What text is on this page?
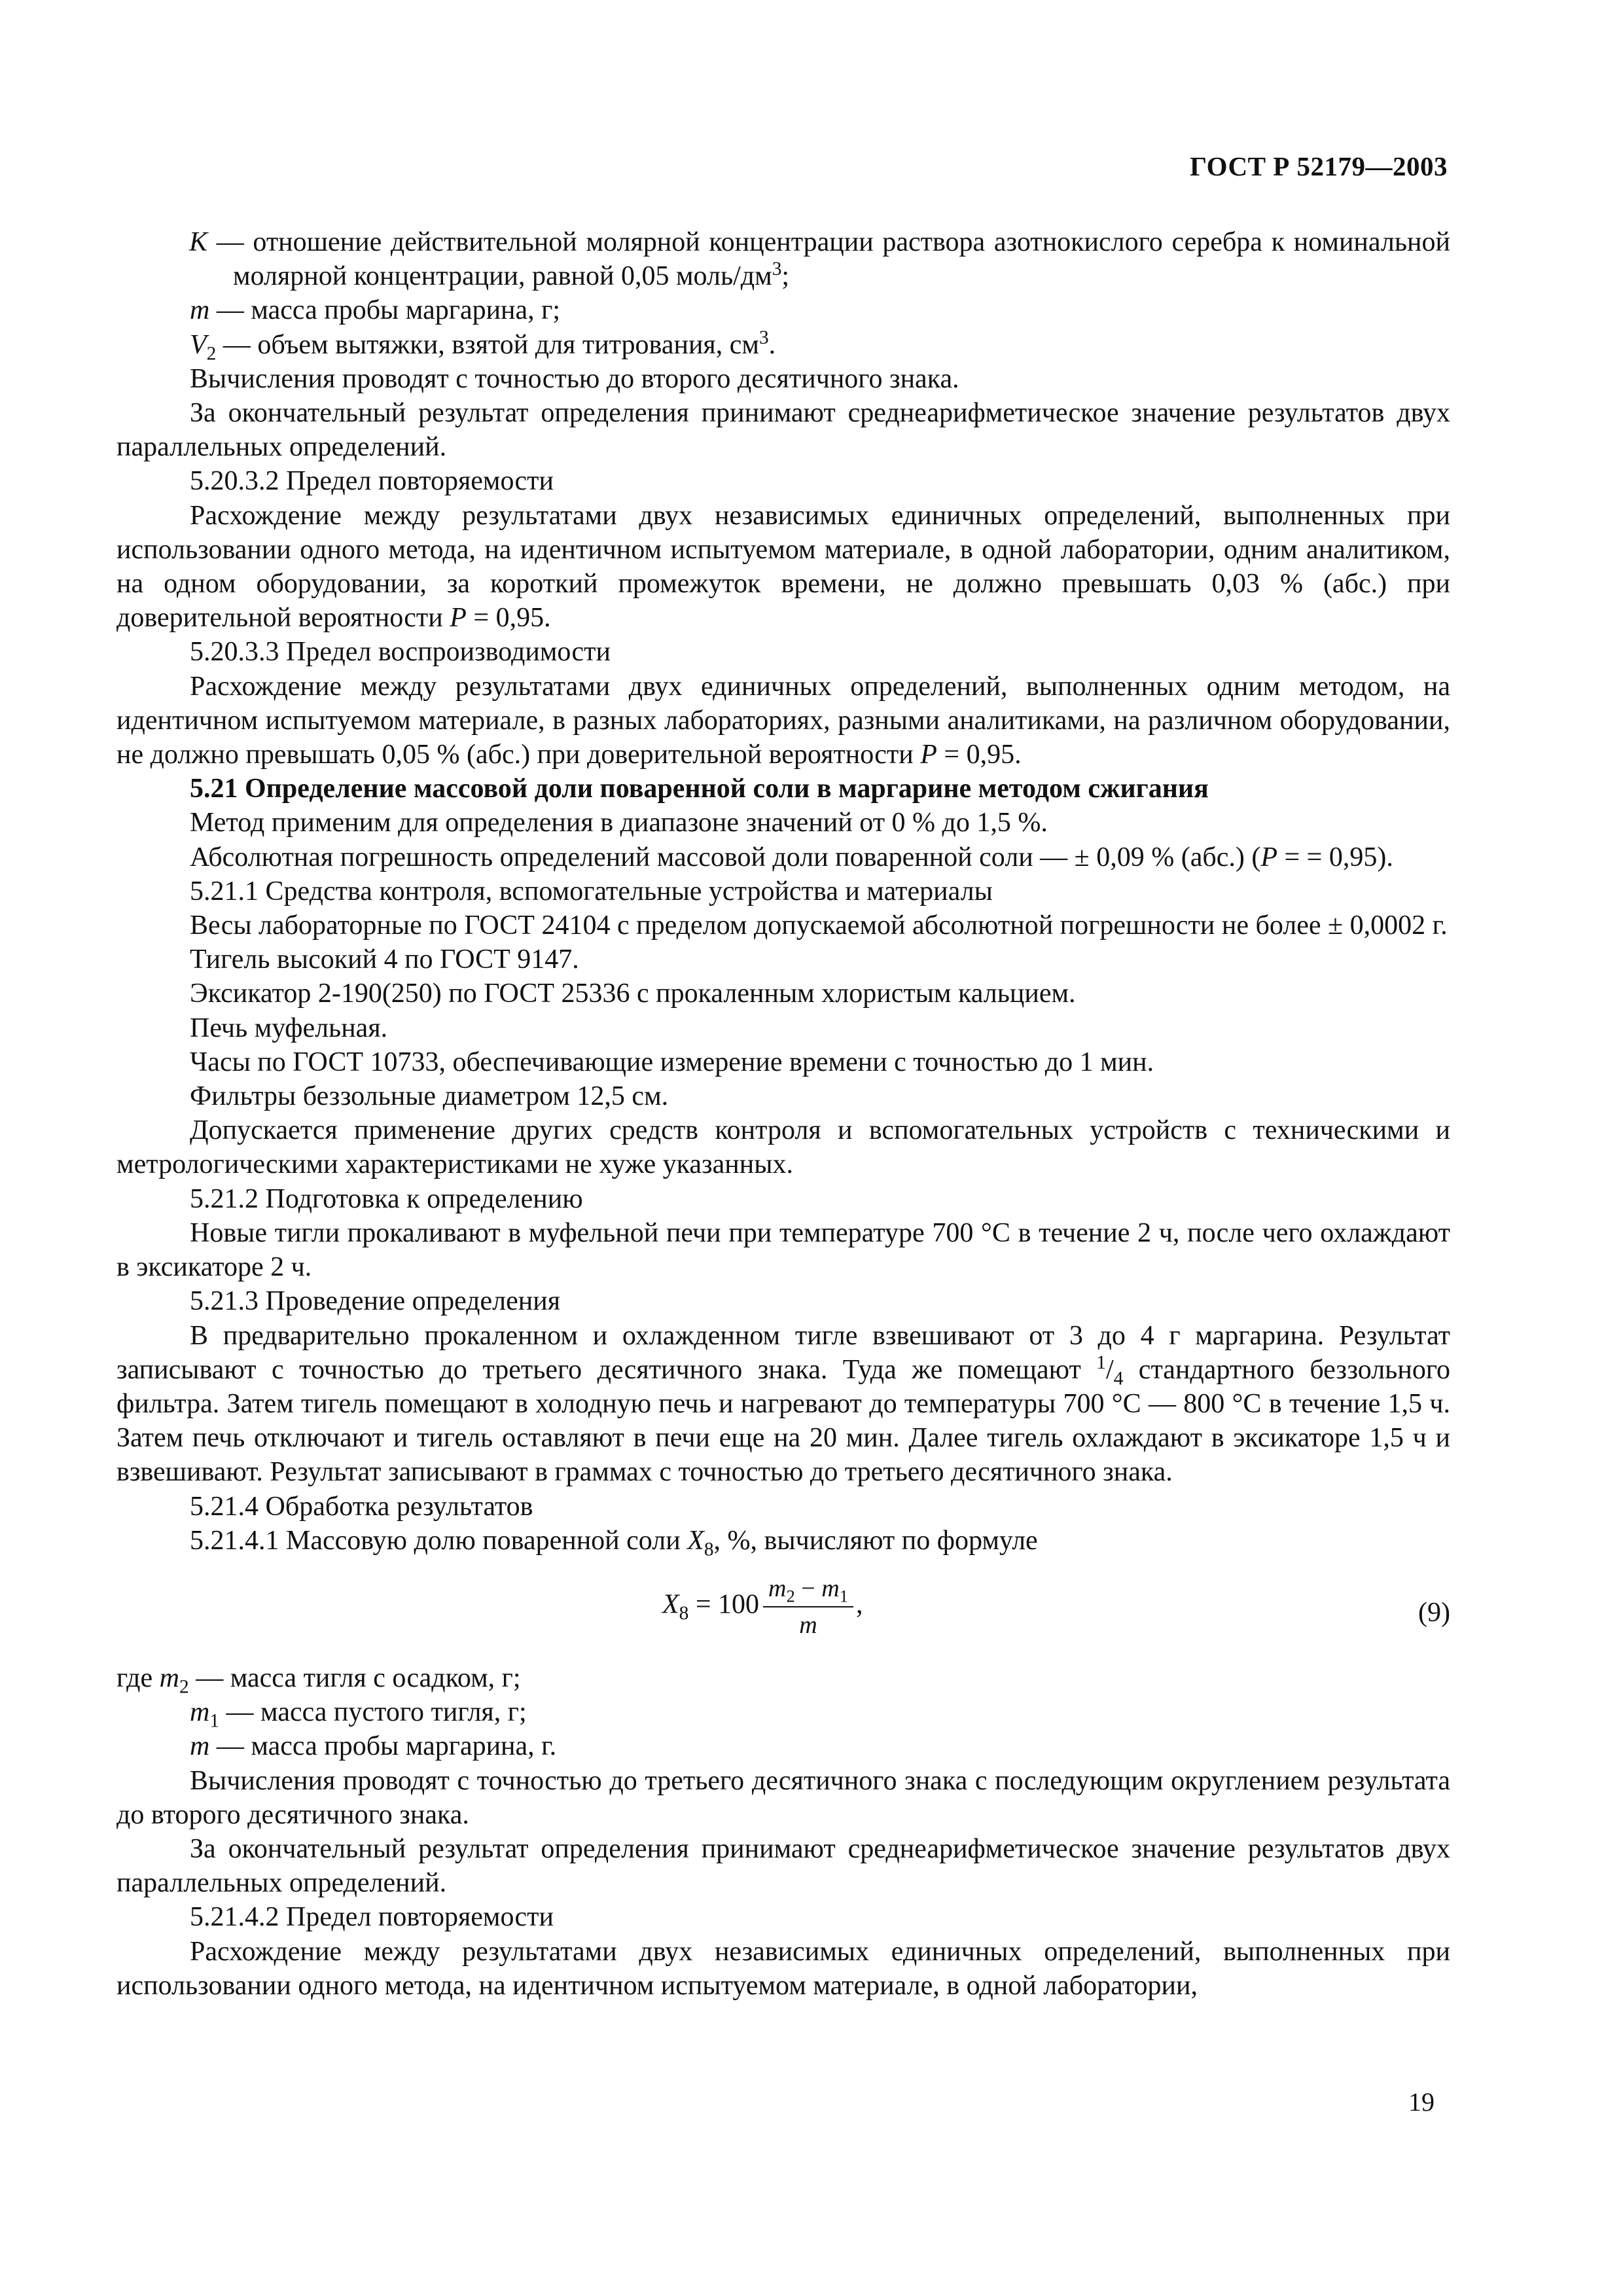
ГОСТ Р 52179—2003

K — отношение действительной молярной концентрации раствора азотнокислого серебра к номинальной молярной концентрации, равной 0,05 моль/$дм^3$;

m — масса пробы маргарина, г;

$V_2$ — объем вытяжки, взятой для титрования, $см^3$.

Вычисления проводят с точностью до второго десятичного знака.

За окончательный результат определения принимают среднеарифметическое значение результатов двух параллельных определений.

5.20.3.2 Предел повторяемости

Расхождение между результатами двух независимых единичных определений, выполненных при использовании одного метода, на идентичном испытуемом материале, в одной лаборатории, одним аналитиком, на одном оборудовании, за короткий промежуток времени, не должно превышать 0,03 % (абс.) при доверительной вероятности P = 0,95.

5.20.3.3 Предел воспроизводимости

Расхождение между результатами двух единичных определений, выполненных одним методом, на идентичном испытуемом материале, в разных лабораториях, разными аналитиками, на различном оборудовании, не должно превышать 0,05 % (абс.) при доверительной вероятности P = 0,95.

5.21 Определение массовой доли поваренной соли в маргарине методом сжигания

Метод применим для определения в диапазоне значений от 0 % до 1,5 %.

Абсолютная погрешность определений массовой доли поваренной соли — ± 0,09 % (абс.) (P = = 0,95).

5.21.1 Средства контроля, вспомогательные устройства и материалы

Весы лабораторные по ГОСТ 24104 с пределом допускаемой абсолютной погрешности не более ± 0,0002 г.

Тигель высокий 4 по ГОСТ 9147.

Эксикатор 2-190(250) по ГОСТ 25336 с прокаленным хлористым кальцием.

Печь муфельная.

Часы по ГОСТ 10733, обеспечивающие измерение времени с точностью до 1 мин.

Фильтры беззольные диаметром 12,5 см.

Допускается применение других средств контроля и вспомогательных устройств с техническими и метрологическими характеристиками не хуже указанных.

5.21.2 Подготовка к определению

Новые тигли прокаливают в муфельной печи при температуре 700 °С в течение 2 ч, после чего охлаждают в эксикаторе 2 ч.

5.21.3 Проведение определения

В предварительно прокаленном и охлажденном тигле взвешивают от 3 до 4 г маргарина. Результат записывают с точностью до третьего десятичного знака. Туда же помещают $^1/_4$ стандартного беззольного фильтра. Затем тигель помещают в холодную печь и нагревают до температуры 700 °С — 800 °С в течение 1,5 ч. Затем печь отключают и тигель оставляют в печи еще на 20 мин. Далее тигель охлаждают в эксикаторе 1,5 ч и взвешивают. Результат записывают в граммах с точностью до третьего десятичного знака.

5.21.4 Обработка результатов

5.21.4.1 Массовую долю поваренной соли $X_8$, %, вычисляют по формуле

$X_8 = 100 \frac{m_2 - m_1}{m}$ ,	(9)

где $m_2$ — масса тигля с осадком, г;

$m_1$ — масса пустого тигля, г;

m — масса пробы маргарина, г.

Вычисления проводят с точностью до третьего десятичного знака с последующим округлением результата до второго десятичного знака.

За окончательный результат определения принимают среднеарифметическое значение результатов двух параллельных определений.

5.21.4.2 Предел повторяемости

Расхождение между результатами двух независимых единичных определений, выполненных при использовании одного метода, на идентичном испытуемом материале, в одной лаборатории,

19
